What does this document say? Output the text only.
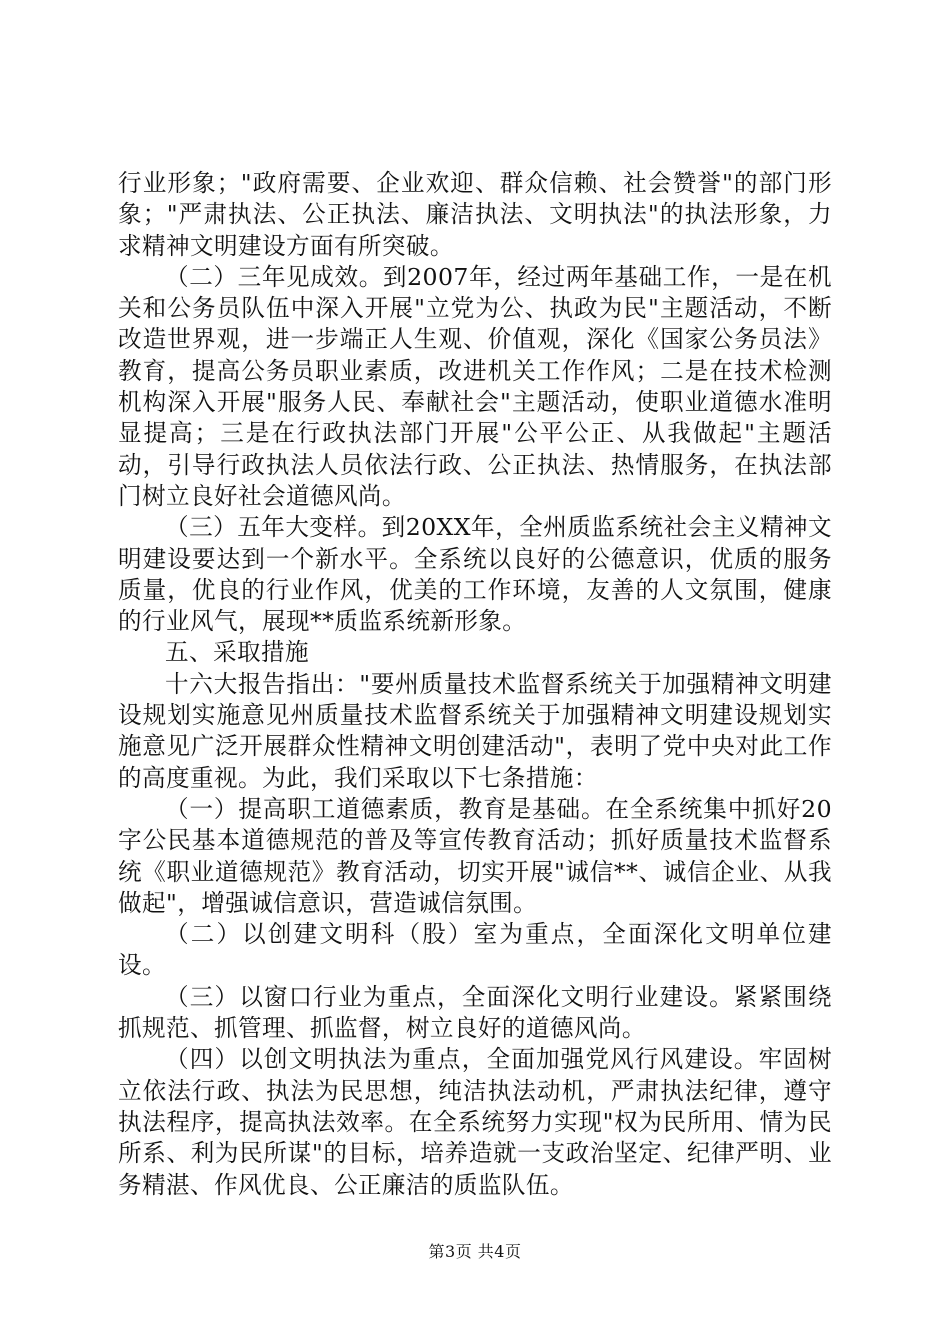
行业形象；"政府需要、企业欢迎、群众信赖、社会赞誉"的部门形象；"严肃执法、公正执法、廉洁执法、文明执法"的执法形象，力求精神文明建设方面有所突破。

（二）三年见成效。到2007年，经过两年基础工作，一是在机关和公务员队伍中深入开展"立党为公、执政为民"主题活动，不断改造世界观，进一步端正人生观、价值观，深化《国家公务员法》教育，提高公务员职业素质，改进机关工作作风；二是在技术检测机构深入开展"服务人民、奉献社会"主题活动，使职业道德水准明显提高；三是在行政执法部门开展"公平公正、从我做起"主题活动，引导行政执法人员依法行政、公正执法、热情服务，在执法部门树立良好社会道德风尚。

（三）五年大变样。到20XX年，全州质监系统社会主义精神文明建设要达到一个新水平。全系统以良好的公德意识，优质的服务质量，优良的行业作风，优美的工作环境，友善的人文氛围，健康的行业风气，展现**质监系统新形象。

五、采取措施

十六大报告指出："要州质量技术监督系统关于加强精神文明建设规划实施意见州质量技术监督系统关于加强精神文明建设规划实施意见广泛开展群众性精神文明创建活动"，表明了党中央对此工作的高度重视。为此，我们采取以下七条措施：

（一）提高职工道德素质，教育是基础。在全系统集中抓好20字公民基本道德规范的普及等宣传教育活动；抓好质量技术监督系统《职业道德规范》教育活动，切实开展"诚信**、诚信企业、从我做起"，增强诚信意识，营造诚信氛围。

（二）以创建文明科（股）室为重点，全面深化文明单位建设。

（三）以窗口行业为重点，全面深化文明行业建设。紧紧围绕抓规范、抓管理、抓监督，树立良好的道德风尚。

（四）以创文明执法为重点，全面加强党风行风建设。牢固树立依法行政、执法为民思想，纯洁执法动机，严肃执法纪律，遵守执法程序，提高执法效率。在全系统努力实现"权为民所用、情为民所系、利为民所谋"的目标，培养造就一支政治坚定、纪律严明、业务精湛、作风优良、公正廉洁的质监队伍。

第3页 共4页
